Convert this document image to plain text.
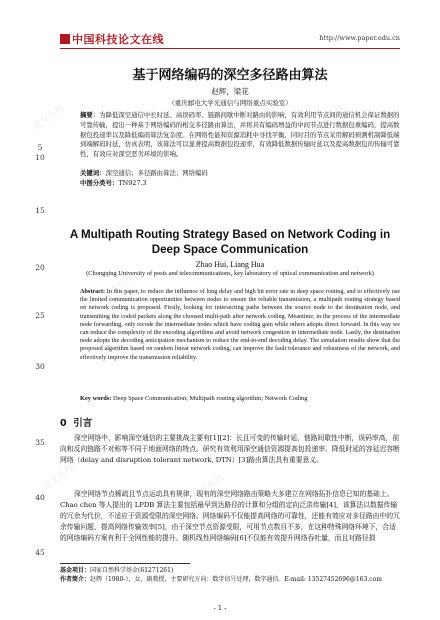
论文在线	论文在线	论文在线
论文在线
论文在线
论文在线
论文在线	论文在线
论文在线
中国科技论文在线	http://www.paper.edu.cn
5
10
15
20
25
30
35
40
45
基于网络编码的深空多径路由算法
赵辉，梁花
（重庆邮电大学光通信与网络重点实验室）
摘要：为降低深空通信中长时延、高误码率、链路间歇中断对路由的影响，有效利用节点间的通信机会保证数据的可靠传输，提出一种基于网络编码的相交多径路由算法，并将具有编码增益的中间节点进行数据包重编码，提高数据包投递率以及降低编码算法复杂度。在网络性能和资源消耗中寻找平衡，同时目的节点采用解码预测机制降低端到端解码时延，仿真表明，该算法可以显著提高数据包投递率，有效降低数据传输时延以及提高数据包的传输可靠性，有效应对深空恶劣环境的影响。
关键词：深空通信；多径路由算法；网络编码
中图分类号：TN927.3
A Multipath Routing Strategy Based on Network Coding in Deep Space Communication
Zhao Hui, Liang Hua
(Chongqing University of posts and telecommunications, key laboratory of optical communication and network)
Abstract: In this paper, to reduce the influence of long delay and high bit error rate in deep space routing, and to effectively use the limited communication opportunities between nodes to ensure the reliable transmission, a multipath routing strategy based on network coding is proposed. Firstly, looking for intersecting paths between the source node to the destination node, and transmitting the coded packets along the choosed multi-path after network coding. Meantime, in the process of the intermediate node forwarding, only recode the intermediate nodes which have coding gain while others adopts direct forward. In this way we can reduce the complexity of the encoding algorithms and avoid network congestion in intermediate node. Lastly, the destination node adopts the decoding anticipation mechanism to reduce the end-to-end decoding delay. The simulation results show that the proposed algorithm based on random linear network coding, can improve the fault tolerance and robustness of the network, and effectively improve the transmission reliability.
Key words: Deep Space Communication; Multipath routing algorithm; Network Coding
0 引言
深空网络中，影响深空通信的主要挑战主要有[1][2]：长且可变的传输时延，链路间歇性中断，误码率高，前向和反向链路不对称等不同于地面网络的特点。研究有效利用深空通信资源提高包投递率、降低时延的容延迟容断网络（delay and disruption tolerant network, DTN）[3]路由算法具有重要意义。
深空网络节点稀疏且节点运动具有规律，现有的深空网络路由策略大多建立在网络拓扑信息已知的基础上。Chao chen 等人提出的 LPDB 算法主要包括最早到达路径的计算和分组的定向泛洪传输[4]，该算法以数据传输的冗余为代价，不适应于资源受限的深空网络。网络编码不仅能提高网络的可靠性，还能有效应对多径路由中的冗余传输问题，提高网络传输效率[5]，由于深空节点资源受限，可用节点数目不多，在这种特殊网络环境下，合适的网络编码方案有利于全网性能的提升。随机线性网络编码[6]不仅能有效提升网络吞吐量，而且对路径损
基金项目：国家自然科学基金(61271261)
作者简介：赵辉（1980-），女，副教授，主要研究方向：数字信号处理，数字通信。E-mail: 13527452696@163.com
- 1 -
